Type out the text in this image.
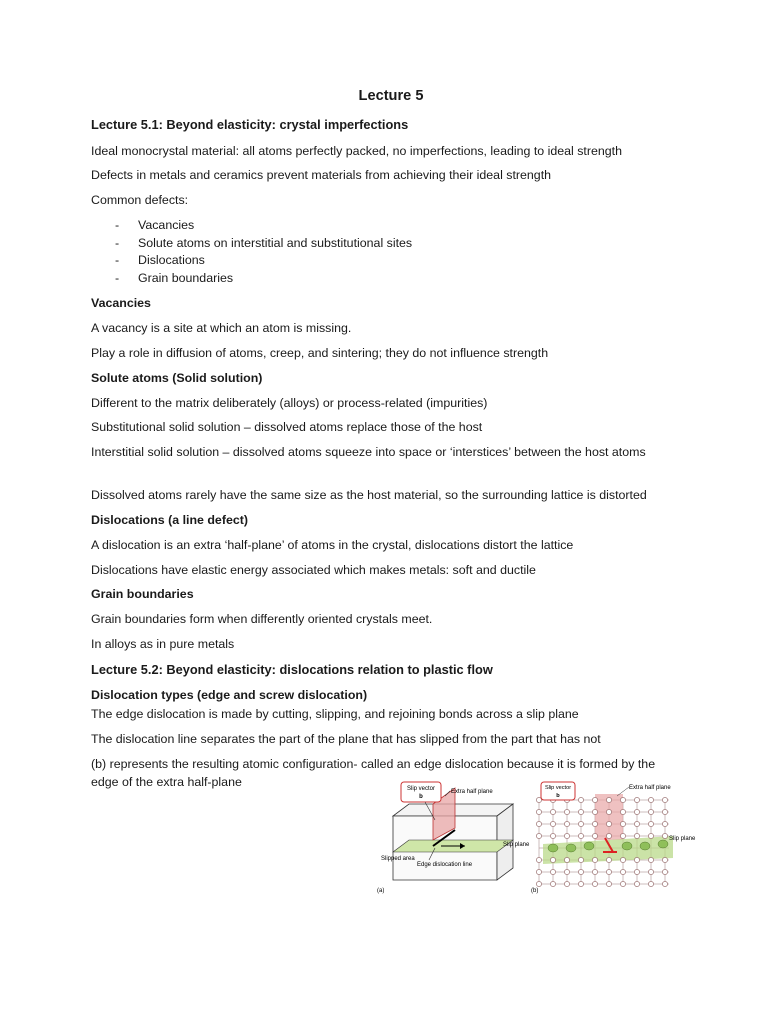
Lecture 5
Lecture 5.1: Beyond elasticity: crystal imperfections
Ideal monocrystal material: all atoms perfectly packed, no imperfections, leading to ideal strength
Defects in metals and ceramics prevent materials from achieving their ideal strength
Common defects:
- Vacancies
- Solute atoms on interstitial and substitutional sites
- Dislocations
- Grain boundaries
Vacancies
A vacancy is a site at which an atom is missing.
Play a role in diffusion of atoms, creep, and sintering; they do not influence strength
Solute atoms (Solid solution)
Different to the matrix deliberately (alloys) or process-related (impurities)
Substitutional solid solution – dissolved atoms replace those of the host
Interstitial solid solution – dissolved atoms squeeze into space or ‘interstices’ between the host atoms
Dissolved atoms rarely have the same size as the host material, so the surrounding lattice is distorted
Dislocations (a line defect)
A dislocation is an extra ‘half-plane’ of atoms in the crystal, dislocations distort the lattice
Dislocations have elastic energy associated which makes metals: soft and ductile
Grain boundaries
Grain boundaries form when differently oriented crystals meet.
In alloys as in pure metals
Lecture 5.2: Beyond elasticity: dislocations relation to plastic flow
Dislocation types (edge and screw dislocation)
The edge dislocation is made by cutting, slipping, and rejoining bonds across a slip plane
The dislocation line separates the part of the plane that has slipped from the part that has not
(b) represents the resulting atomic configuration- called an edge dislocation because it is formed by the edge of the extra half-plane	Slip vector
b
Extra half plane
Slip plane
Slipped area
Edge dislocation line
(a)
Slip vector
b
Extra half plane
Slip plane
(b)
